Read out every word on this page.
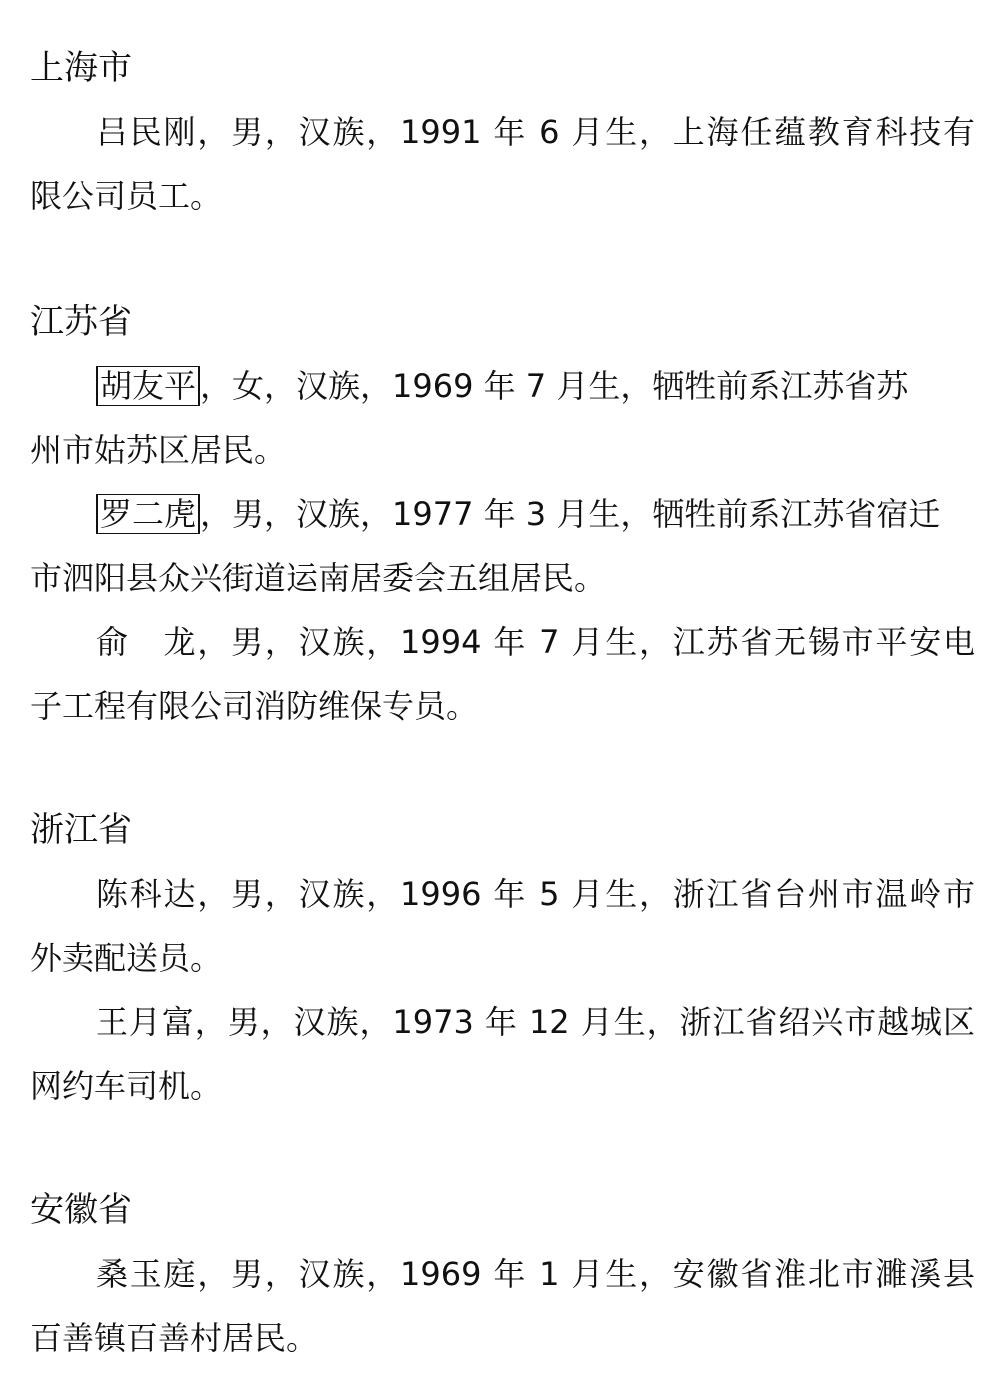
上海市
吕民刚，男，汉族，1991 年 6 月生，上海任蕴教育科技有
限公司员工。
江苏省
胡友平 ，女，汉族，1969 年 7 月生，牺牲前系江苏省苏
州市姑苏区居民。
罗二虎 ，男，汉族，1977 年 3 月生，牺牲前系江苏省宿迁
市泗阳县众兴街道运南居委会五组居民。
俞　龙，男，汉族，1994 年 7 月生，江苏省无锡市平安电
子工程有限公司消防维保专员。
浙江省
陈科达，男，汉族，1996 年 5 月生，浙江省台州市温岭市
外卖配送员。
王月富，男，汉族，1973 年 12 月生，浙江省绍兴市越城区
网约车司机。
安徽省
桑玉庭，男，汉族，1969 年 1 月生，安徽省淮北市濉溪县
百善镇百善村居民。
